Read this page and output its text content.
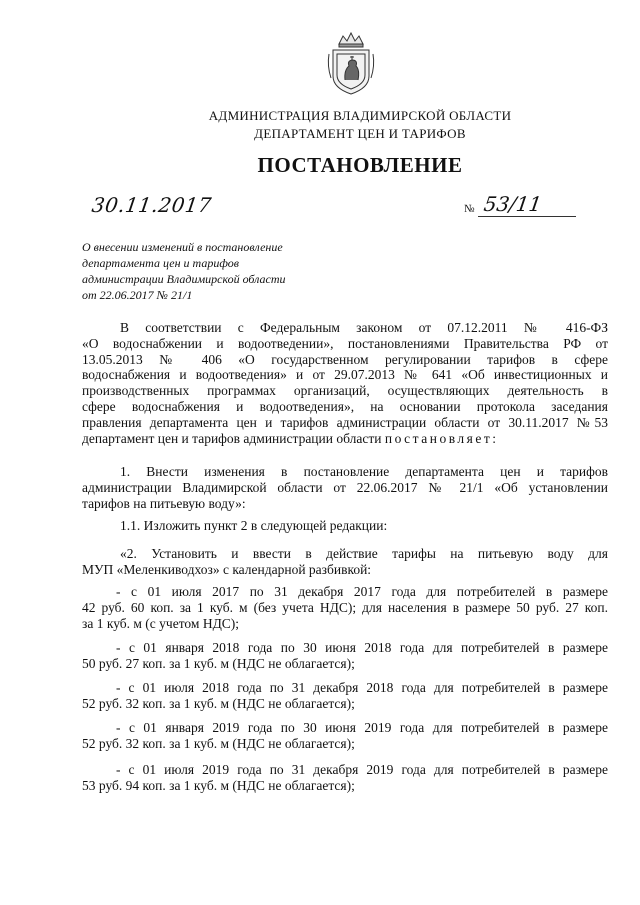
АДМИНИСТРАЦИЯ ВЛАДИМИРСКОЙ ОБЛАСТИ
ДЕПАРТАМЕНТ ЦЕН И ТАРИФОВ
ПОСТАНОВЛЕНИЕ
30.11.2017	№ 53/11
О внесении изменений в постановление
департамента цен и тарифов
администрации Владимирской области
от 22.06.2017 № 21/1
В соответствии с Федеральным законом от 07.12.2011 № 416-ФЗ
«О водоснабжении и водоотведении», постановлениями Правительства РФ от
13.05.2013 № 406 «О государственном регулировании тарифов в сфере
водоснабжения и водоотведения» и от 29.07.2013 № 641 «Об инвестиционных и
производственных программах организаций, осуществляющих деятельность в
сфере водоснабжения и водоотведения», на основании протокола заседания
правления департамента цен и тарифов администрации области от 30.11.2017 №53
департамент цен и тарифов администрации области постановляет:
1. Внести изменения в постановление департамента цен и тарифов
администрации Владимирской области от 22.06.2017 № 21/1 «Об установлении
тарифов на питьевую воду»:
1.1. Изложить пункт 2 в следующей редакции:
«2. Установить и ввести в действие тарифы на питьевую воду для
МУП «Меленкиводхоз» с календарной разбивкой:
- с 01 июля 2017 по 31 декабря 2017 года для потребителей в размере
42 руб. 60 коп. за 1 куб. м (без учета НДС); для населения в размере 50 руб. 27 коп.
за 1 куб. м (с учетом НДС);
- с 01 января 2018 года по 30 июня 2018 года для потребителей в размере
50 руб. 27 коп. за 1 куб. м (НДС не облагается);
- с 01 июля 2018 года по 31 декабря 2018 года для потребителей в размере
52 руб. 32 коп. за 1 куб. м (НДС не облагается);
- с 01 января 2019 года по 30 июня 2019 года для потребителей в размере
52 руб. 32 коп. за 1 куб. м (НДС не облагается);
- с 01 июля 2019 года по 31 декабря 2019 года для потребителей в размере
53 руб. 94 коп. за 1 куб. м (НДС не облагается);
